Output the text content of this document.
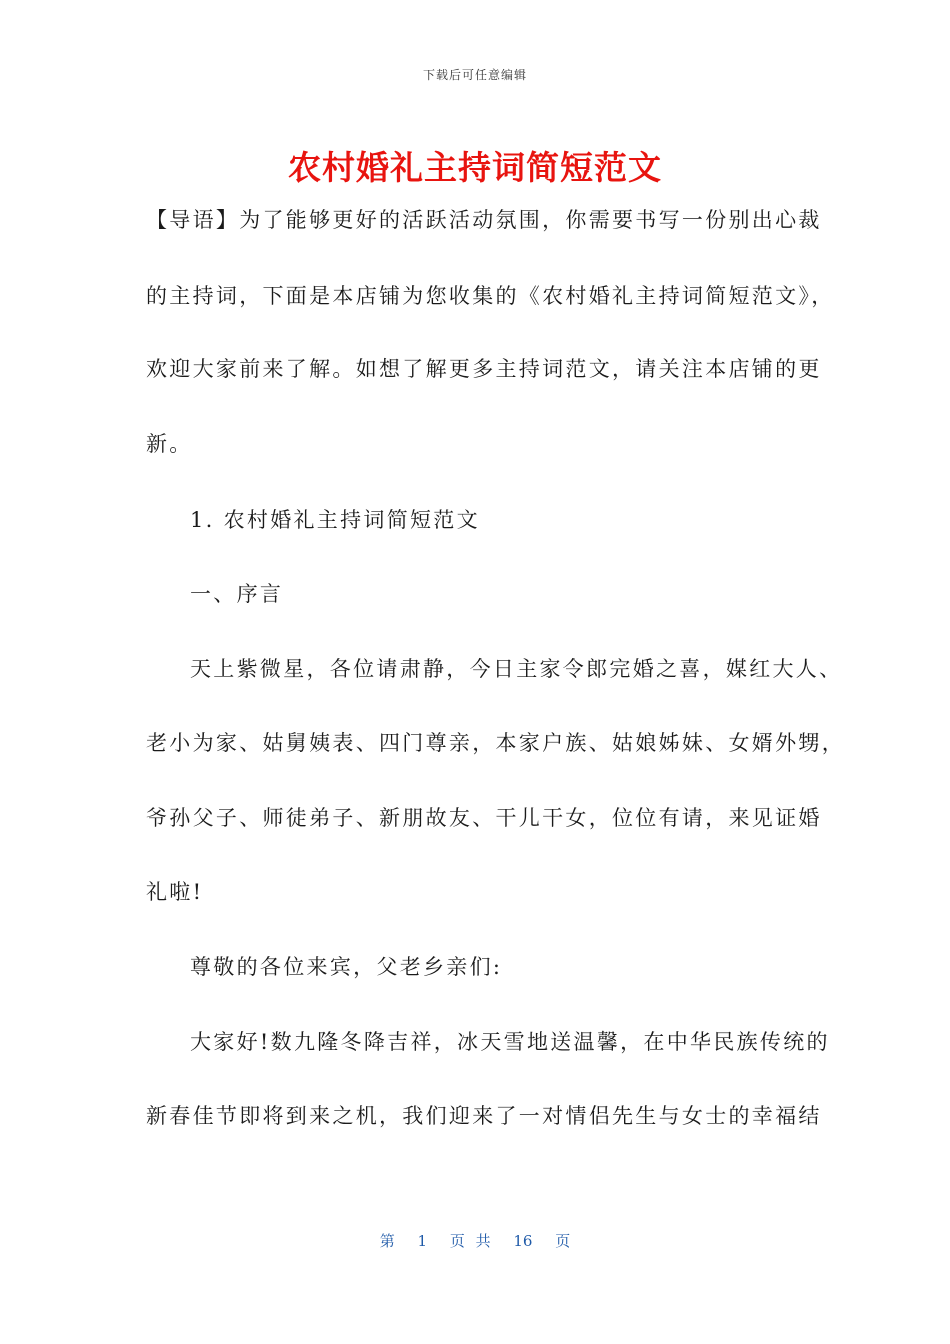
下载后可任意编辑
农村婚礼主持词简短范文
【导语】为了能够更好的活跃活动氛围，你需要书写一份别出心裁
的主持词，下面是本店铺为您收集的《农村婚礼主持词简短范文》，
欢迎大家前来了解。如想了解更多主持词范文，请关注本店铺的更
新。
1. 农村婚礼主持词简短范文
一、序言
天上紫微星，各位请肃静，今日主家令郎完婚之喜，媒红大人、
老小为家、姑舅姨表、四门尊亲，本家户族、姑娘姊妹、女婿外甥，
爷孙父子、师徒弟子、新朋故友、干儿干女，位位有请，来见证婚
礼啦!
尊敬的各位来宾，父老乡亲们:
大家好!数九隆冬降吉祥，冰天雪地送温馨，在中华民族传统的
新春佳节即将到来之机，我们迎来了一对情侣先生与女士的幸福结
第 1 页 共 16 页
